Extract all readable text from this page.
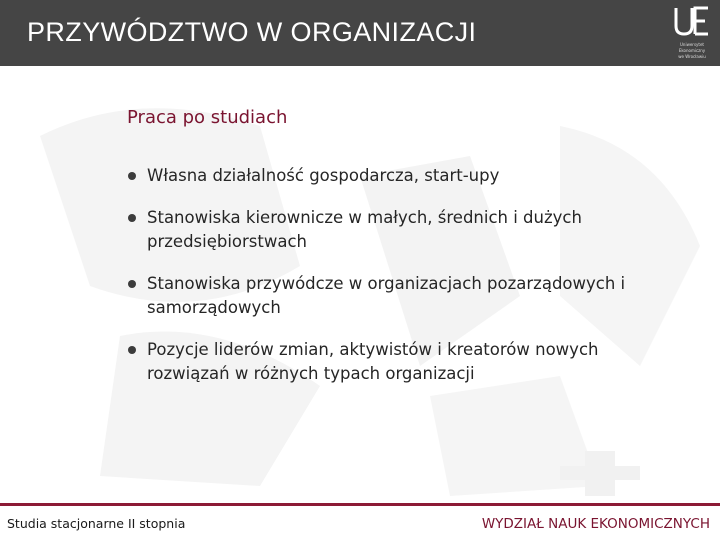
PRZYWÓDZTWO W ORGANIZACJI	Uniwersytet
Ekonomiczny
we Wrocławiu
Praca po studiach
Własna działalność gospodarcza, start-upy
Stanowiska kierownicze w małych, średnich i dużych
przedsiębiorstwach
Stanowiska przywódcze w organizacjach pozarządowych i
samorządowych
Pozycje liderów zmian, aktywistów i kreatorów nowych
rozwiązań w różnych typach organizacji
Studia stacjonarne II stopnia	WYDZIAŁ NAUK EKONOMICZNYCH
